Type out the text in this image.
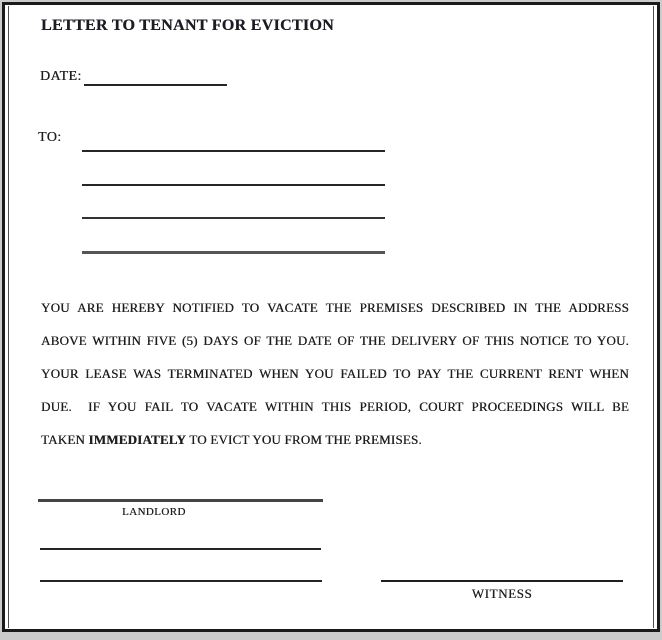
LETTER TO TENANT FOR EVICTION
DATE:
TO:
YOU ARE HEREBY NOTIFIED TO VACATE THE PREMISES DESCRIBED IN THE ADDRESS
ABOVE WITHIN FIVE (5) DAYS OF THE DATE OF THE DELIVERY OF THIS NOTICE TO YOU.
YOUR LEASE WAS TERMINATED WHEN YOU FAILED TO PAY THE CURRENT RENT WHEN
DUE.  IF YOU FAIL TO VACATE WITHIN THIS PERIOD, COURT PROCEEDINGS WILL BE
TAKEN IMMEDIATELY TO EVICT YOU FROM THE PREMISES.
LANDLORD
WITNESS
